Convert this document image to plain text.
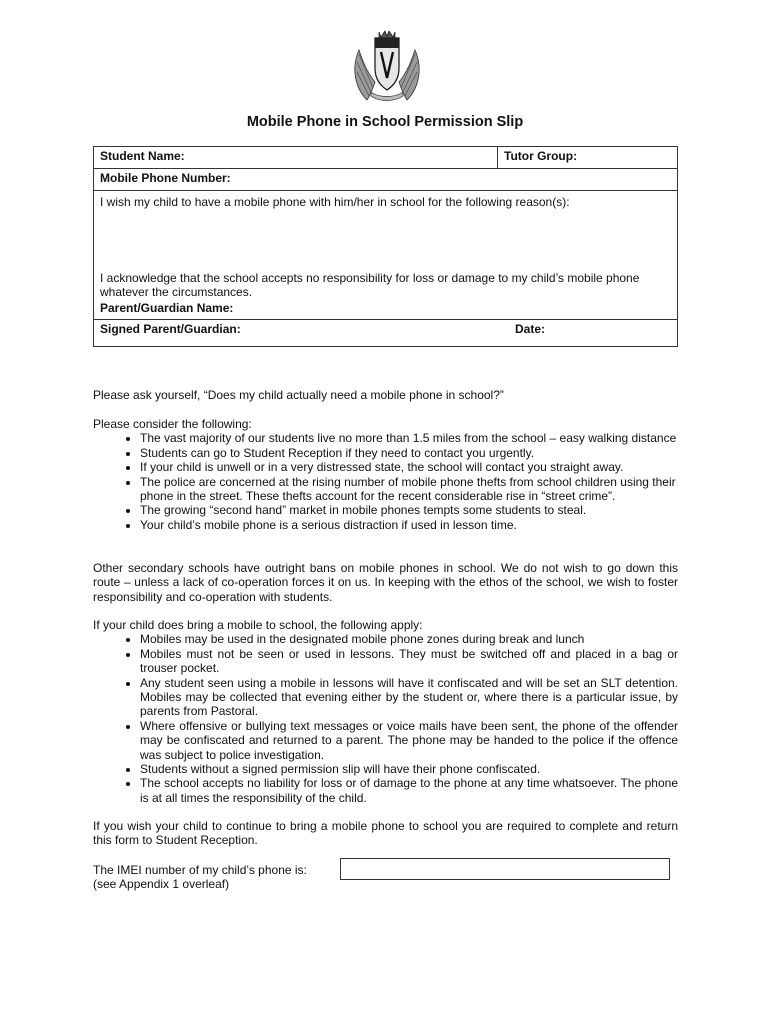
Mobile Phone in School Permission Slip
Student Name:	Tutor Group:
Mobile Phone Number:

I wish my child to have a mobile phone with him/her in school for the following reason(s):
I acknowledge that the school accepts no responsibility for loss or damage to my child’s mobile phone whatever the circumstances.
Parent/Guardian Name:

Signed Parent/Guardian:	Date:

Please ask yourself, “Does my child actually need a mobile phone in school?”

Please consider the following:

• The vast majority of our students live no more than 1.5 miles from the school – easy walking distance
• Students can go to Student Reception if they need to contact you urgently.
• If your child is unwell or in a very distressed state, the school will contact you straight away.
• The police are concerned at the rising number of mobile phone thefts from school children using their phone in the street. These thefts account for the recent considerable rise in “street crime”.
• The growing “second hand” market in mobile phones tempts some students to steal.
• Your child’s mobile phone is a serious distraction if used in lesson time.

Other secondary schools have outright bans on mobile phones in school. We do not wish to go down this route – unless a lack of co-operation forces it on us. In keeping with the ethos of the school, we wish to foster responsibility and co-operation with students.

If your child does bring a mobile to school, the following apply:

• Mobiles may be used in the designated mobile phone zones during break and lunch
• Mobiles must not be seen or used in lessons. They must be switched off and placed in a bag or trouser pocket.
• Any student seen using a mobile in lessons will have it confiscated and will be set an SLT detention. Mobiles may be collected that evening either by the student or, where there is a particular issue, by parents from Pastoral.
• Where offensive or bullying text messages or voice mails have been sent, the phone of the offender may be confiscated and returned to a parent. The phone may be handed to the police if the offence was subject to police investigation.
• Students without a signed permission slip will have their phone confiscated.
• The school accepts no liability for loss or of damage to the phone at any time whatsoever. The phone is at all times the responsibility of the child.

If you wish your child to continue to bring a mobile phone to school you are required to complete and return this form to Student Reception.

The IMEI number of my child’s phone is:

(see Appendix 1 overleaf)
